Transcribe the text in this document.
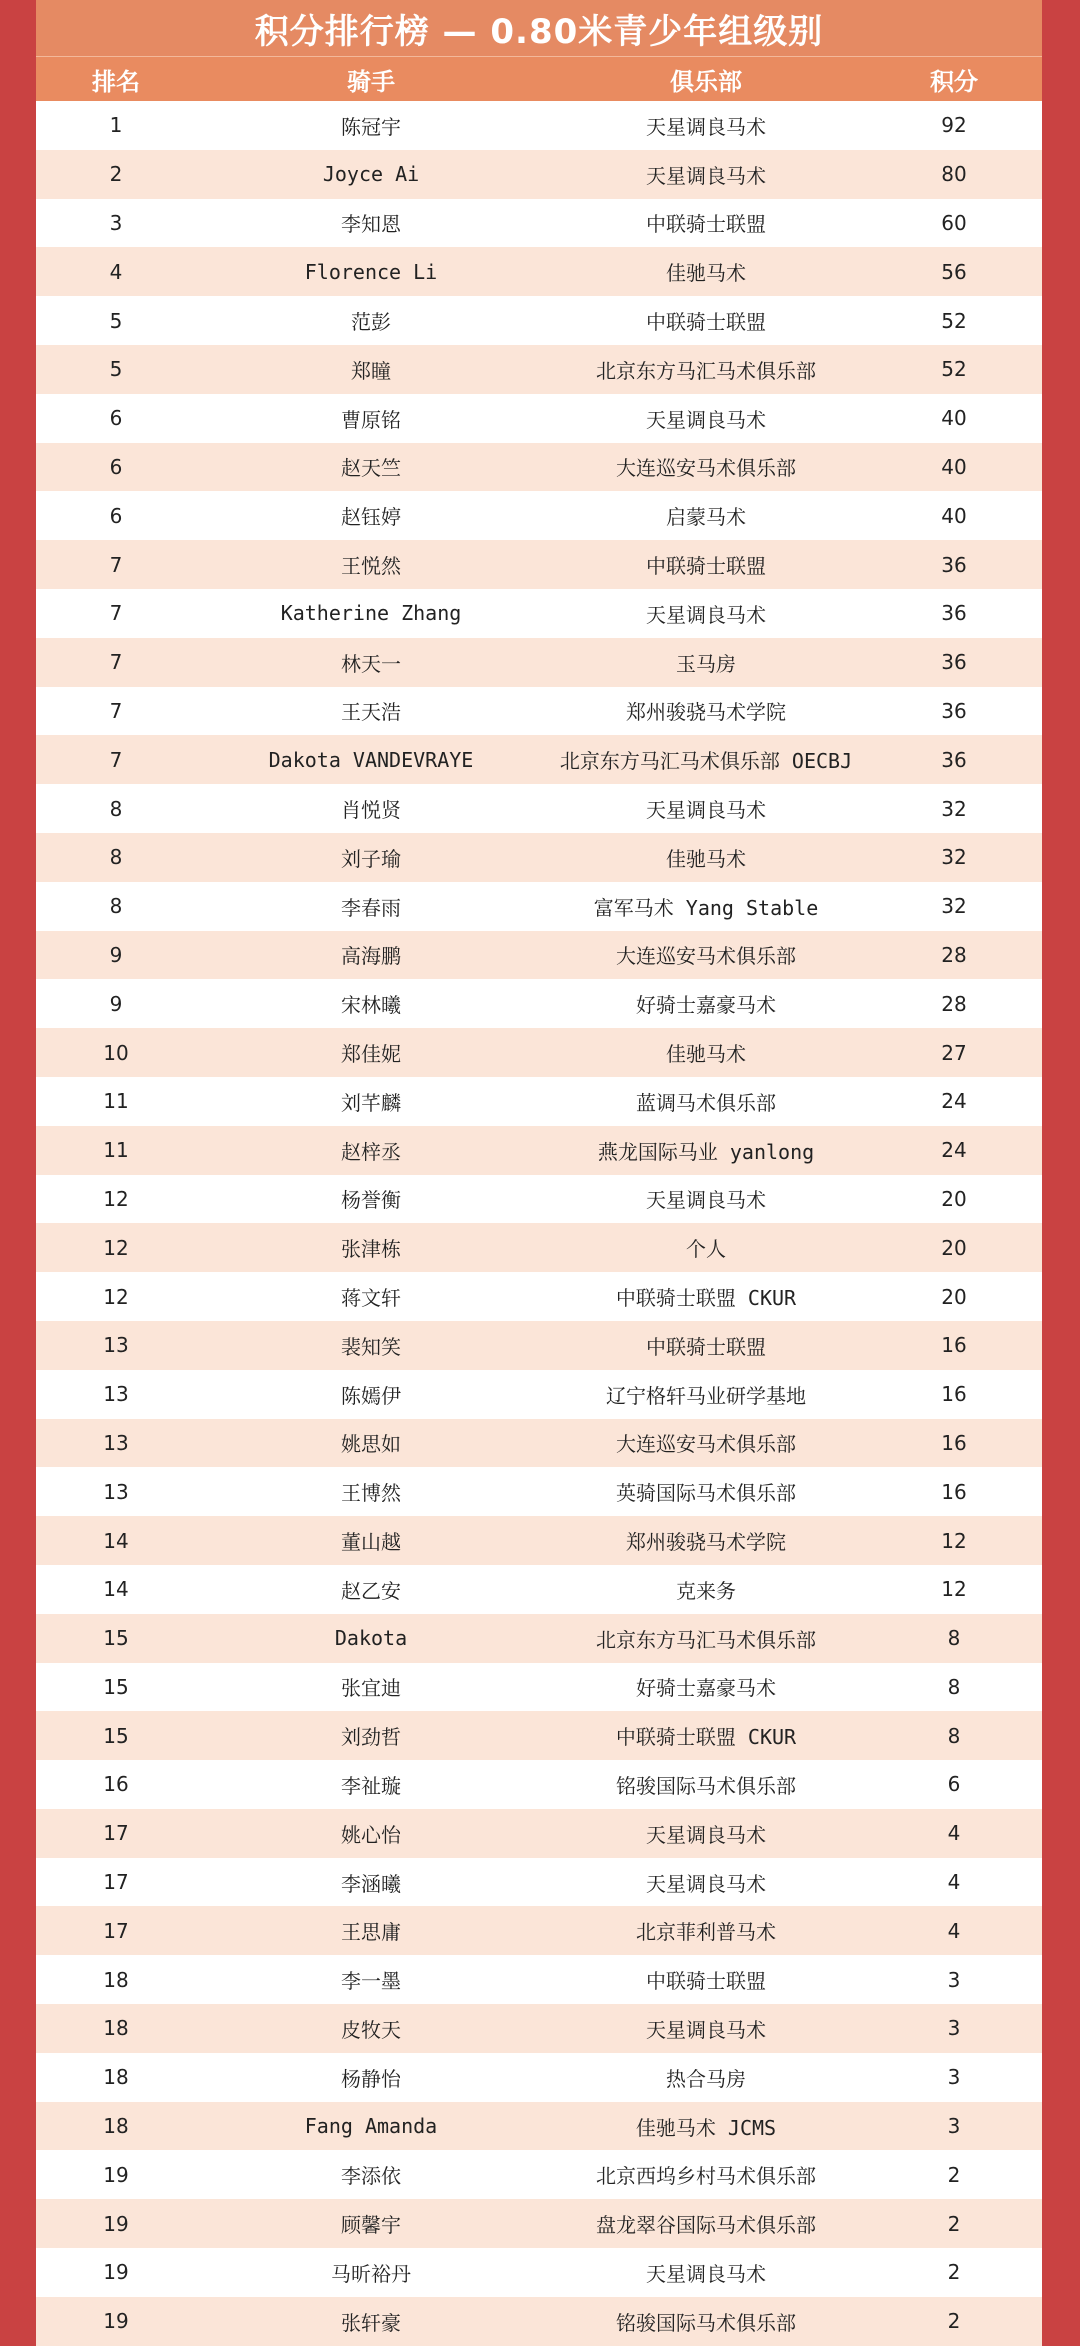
积分排行榜 — 0.80米青少年组级别
排名	骑手	俱乐部	积分
1	陈冠宇	天星调良马术	92
2	Joyce Ai	天星调良马术	80
3	李知恩	中联骑士联盟	60
4	Florence Li	佳驰马术	56
5	范彭	中联骑士联盟	52
5	郑瞳	北京东方马汇马术俱乐部	52
6	曹原铭	天星调良马术	40
6	赵天竺	大连巡安马术俱乐部	40
6	赵钰婷	启蒙马术	40
7	王悦然	中联骑士联盟	36
7	Katherine Zhang	天星调良马术	36
7	林天一	玉马房	36
7	王天浩	郑州骏骁马术学院	36
7	Dakota VANDEVRAYE	北京东方马汇马术俱乐部 OECBJ	36
8	肖悦贤	天星调良马术	32
8	刘子瑜	佳驰马术	32
8	李春雨	富军马术 Yang Stable	32
9	高海鹏	大连巡安马术俱乐部	28
9	宋林曦	好骑士嘉豪马术	28
10	郑佳妮	佳驰马术	27
11	刘芊麟	蓝调马术俱乐部	24
11	赵梓丞	燕龙国际马业 yanlong	24
12	杨誉衡	天星调良马术	20
12	张津栋	个人	20
12	蒋文轩	中联骑士联盟 CKUR	20
13	裴知笑	中联骑士联盟	16
13	陈嫣伊	辽宁格轩马业研学基地	16
13	姚思如	大连巡安马术俱乐部	16
13	王博然	英骑国际马术俱乐部	16
14	董山越	郑州骏骁马术学院	12
14	赵乙安	克来务	12
15	Dakota	北京东方马汇马术俱乐部	8
15	张宜迪	好骑士嘉豪马术	8
15	刘劲哲	中联骑士联盟 CKUR	8
16	李祉璇	铭骏国际马术俱乐部	6
17	姚心怡	天星调良马术	4
17	李涵曦	天星调良马术	4
17	王思庸	北京菲利普马术	4
18	李一墨	中联骑士联盟	3
18	皮牧天	天星调良马术	3
18	杨静怡	热合马房	3
18	Fang Amanda	佳驰马术 JCMS	3
19	李添依	北京西坞乡村马术俱乐部	2
19	顾馨宇	盘龙翠谷国际马术俱乐部	2
19	马昕裕丹	天星调良马术	2
19	张轩豪	铭骏国际马术俱乐部	2
